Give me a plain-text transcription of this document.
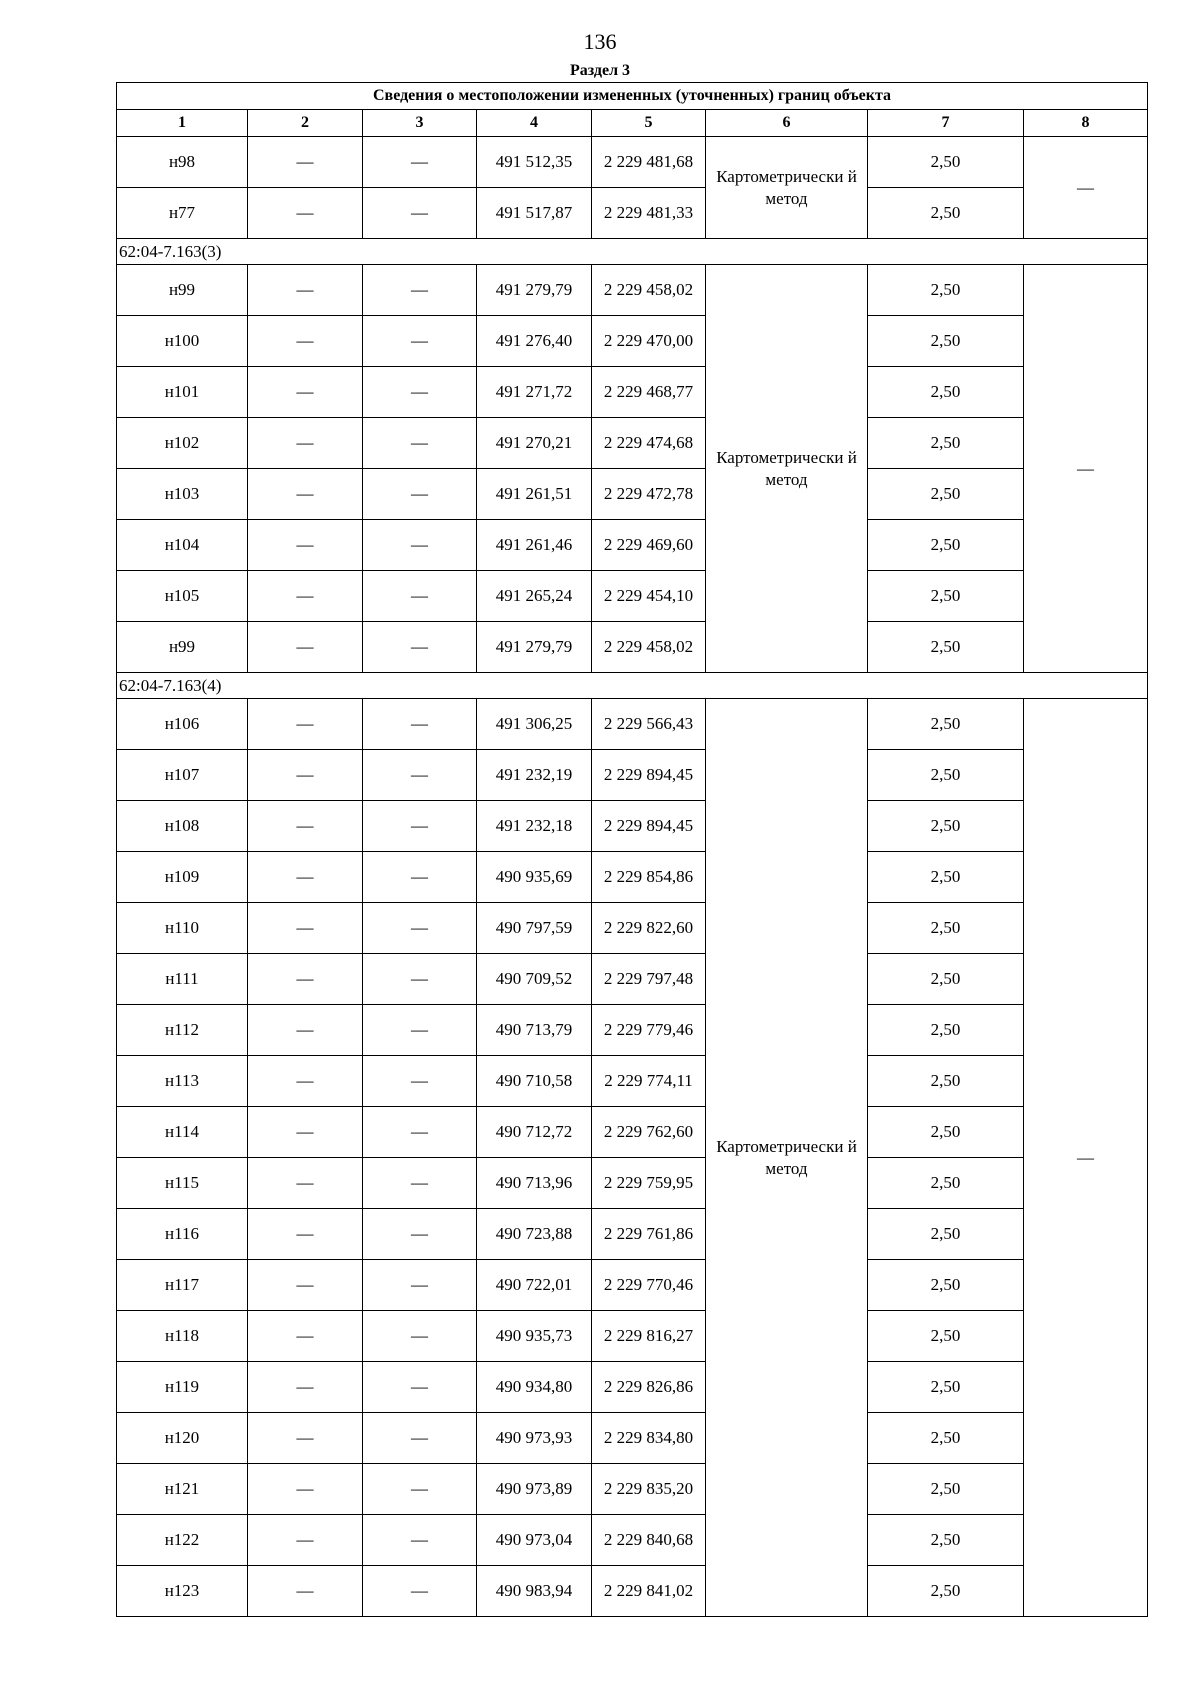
136
Раздел 3
Сведения о местоположении измененных (уточненных) границ объекта							
1	2	3	4	5	6	7	8
н98	—	—	491 512,35	2 229 481,68	Картометрически й метод	2,50	—
н77	—	—	491 517,87	2 229 481,33		2,50	
62:04-7.163(3)							
н99	—	—	491 279,79	2 229 458,02	Картометрически й метод	2,50	—
н100	—	—	491 276,40	2 229 470,00		2,50	
н101	—	—	491 271,72	2 229 468,77		2,50	
н102	—	—	491 270,21	2 229 474,68		2,50	
н103	—	—	491 261,51	2 229 472,78		2,50	
н104	—	—	491 261,46	2 229 469,60		2,50	
н105	—	—	491 265,24	2 229 454,10		2,50	
н99	—	—	491 279,79	2 229 458,02		2,50	
62:04-7.163(4)							
н106	—	—	491 306,25	2 229 566,43	Картометрически й метод	2,50	—
н107	—	—	491 232,19	2 229 894,45		2,50	
н108	—	—	491 232,18	2 229 894,45		2,50	
н109	—	—	490 935,69	2 229 854,86		2,50	
н110	—	—	490 797,59	2 229 822,60		2,50	
н111	—	—	490 709,52	2 229 797,48		2,50	
н112	—	—	490 713,79	2 229 779,46		2,50	
н113	—	—	490 710,58	2 229 774,11		2,50	
н114	—	—	490 712,72	2 229 762,60		2,50	
н115	—	—	490 713,96	2 229 759,95		2,50	
н116	—	—	490 723,88	2 229 761,86		2,50	
н117	—	—	490 722,01	2 229 770,46		2,50	
н118	—	—	490 935,73	2 229 816,27		2,50	
н119	—	—	490 934,80	2 229 826,86		2,50	
н120	—	—	490 973,93	2 229 834,80		2,50	
н121	—	—	490 973,89	2 229 835,20		2,50	
н122	—	—	490 973,04	2 229 840,68		2,50	
н123	—	—	490 983,94	2 229 841,02		2,50	
